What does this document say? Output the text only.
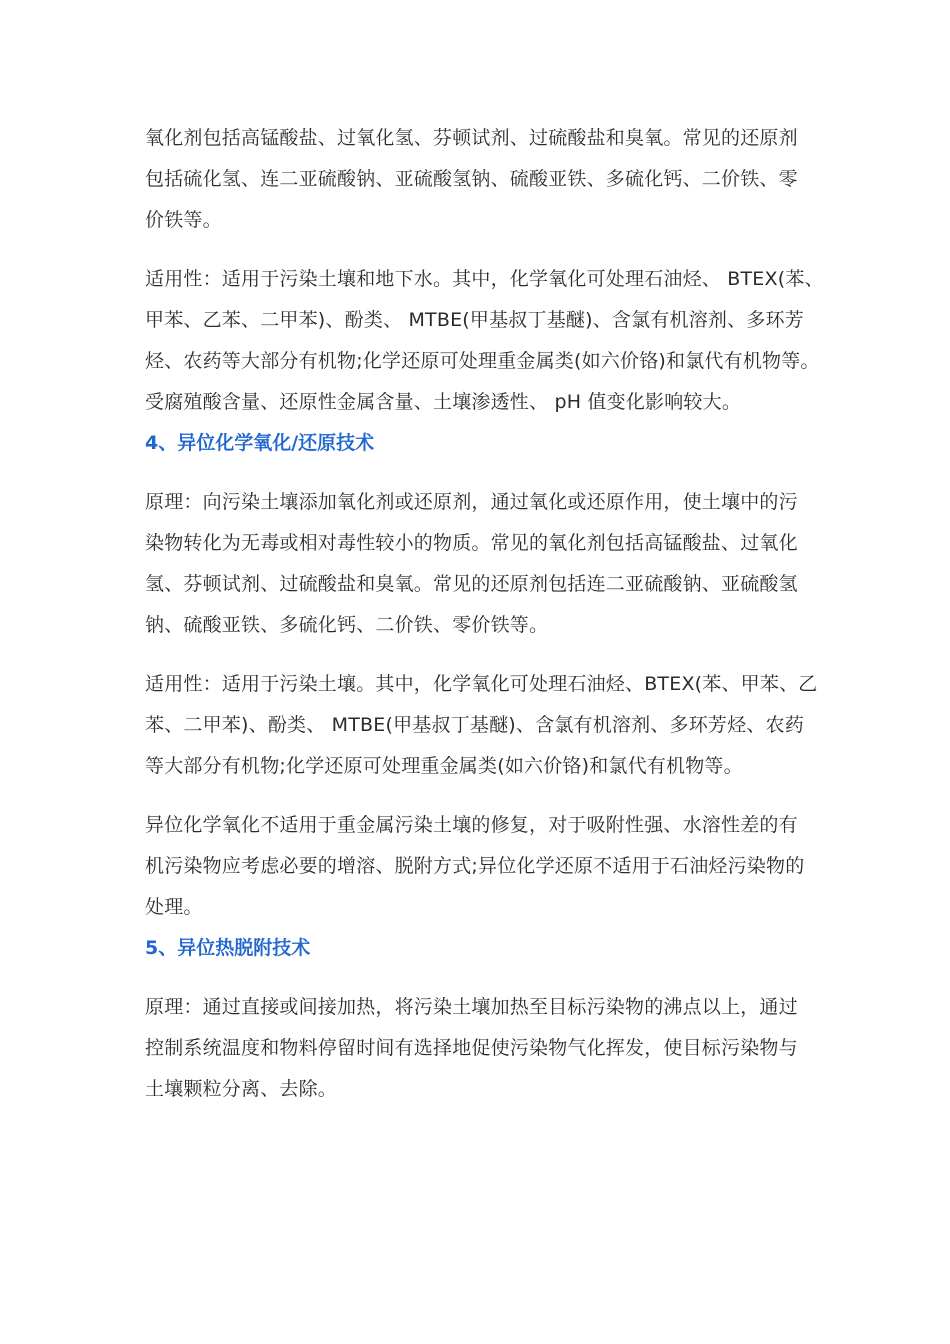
氧化剂包括高锰酸盐、过氧化氢、芬顿试剂、过硫酸盐和臭氧。常见的还原剂
包括硫化氢、连二亚硫酸钠、亚硫酸氢钠、硫酸亚铁、多硫化钙、二价铁、零
价铁等。

适用性：适用于污染土壤和地下水。其中，化学氧化可处理石油烃、 BTEX(苯、
甲苯、乙苯、二甲苯)、酚类、 MTBE(甲基叔丁基醚)、含氯有机溶剂、多环芳
烃、农药等大部分有机物;化学还原可处理重金属类(如六价铬)和氯代有机物等。
受腐殖酸含量、还原性金属含量、土壤渗透性、 pH 值变化影响较大。

4、异位化学氧化/还原技术

原理：向污染土壤添加氧化剂或还原剂，通过氧化或还原作用，使土壤中的污
染物转化为无毒或相对毒性较小的物质。常见的氧化剂包括高锰酸盐、过氧化
氢、芬顿试剂、过硫酸盐和臭氧。常见的还原剂包括连二亚硫酸钠、亚硫酸氢
钠、硫酸亚铁、多硫化钙、二价铁、零价铁等。

适用性：适用于污染土壤。其中，化学氧化可处理石油烃、BTEX(苯、甲苯、乙
苯、二甲苯)、酚类、 MTBE(甲基叔丁基醚)、含氯有机溶剂、多环芳烃、农药
等大部分有机物;化学还原可处理重金属类(如六价铬)和氯代有机物等。

异位化学氧化不适用于重金属污染土壤的修复，对于吸附性强、水溶性差的有
机污染物应考虑必要的增溶、脱附方式;异位化学还原不适用于石油烃污染物的
处理。

5、异位热脱附技术

原理：通过直接或间接加热，将污染土壤加热至目标污染物的沸点以上，通过
控制系统温度和物料停留时间有选择地促使污染物气化挥发，使目标污染物与
土壤颗粒分离、去除。
